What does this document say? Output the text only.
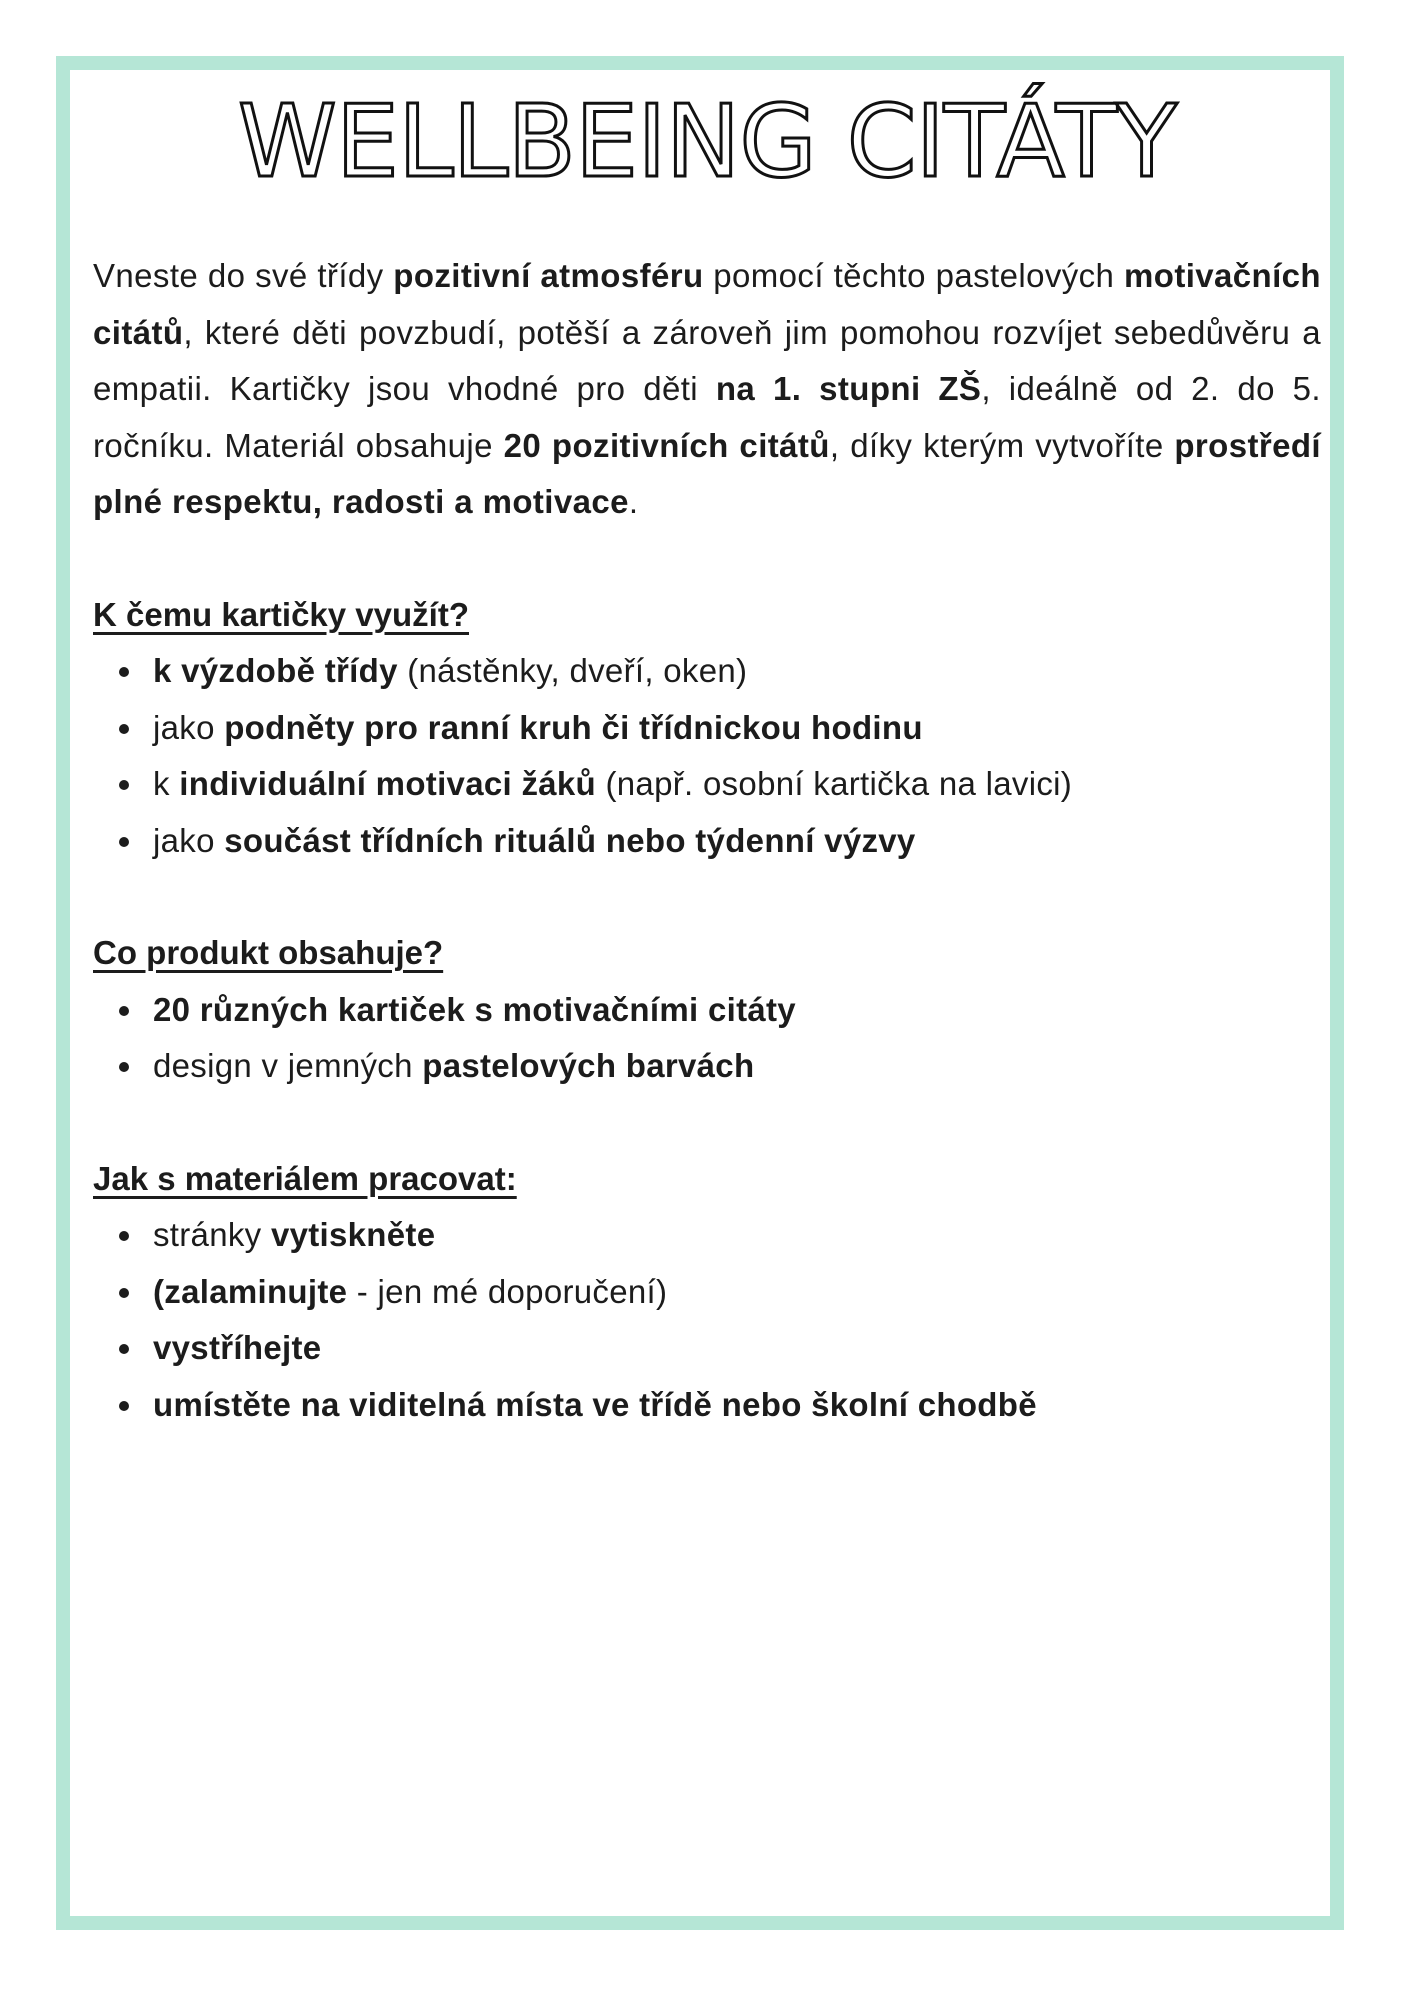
WELLBEING CITÁTY

Vneste do své třídy pozitivní atmosféru pomocí těchto pastelových motivačních citátů, které děti povzbudí, potěší a zároveň jim pomohou rozvíjet sebedůvěru a empatii. Kartičky jsou vhodné pro děti na 1. stupni ZŠ, ideálně od 2. do 5. ročníku. Materiál obsahuje 20 pozitivních citátů, díky kterým vytvoříte prostředí plné respektu, radosti a motivace.

K čemu kartičky využít?
k výzdobě třídy (nástěnky, dveří, oken)
jako podněty pro ranní kruh či třídnickou hodinu
k individuální motivaci žáků (např. osobní kartička na lavici)
jako součást třídních rituálů nebo týdenní výzvy
Co produkt obsahuje?
20 různých kartiček s motivačními citáty
design v jemných pastelových barvách
Jak s materiálem pracovat:
stránky vytiskněte
(zalaminujte - jen mé doporučení)
vystříhejte
umístěte na viditelná místa ve třídě nebo školní chodbě
